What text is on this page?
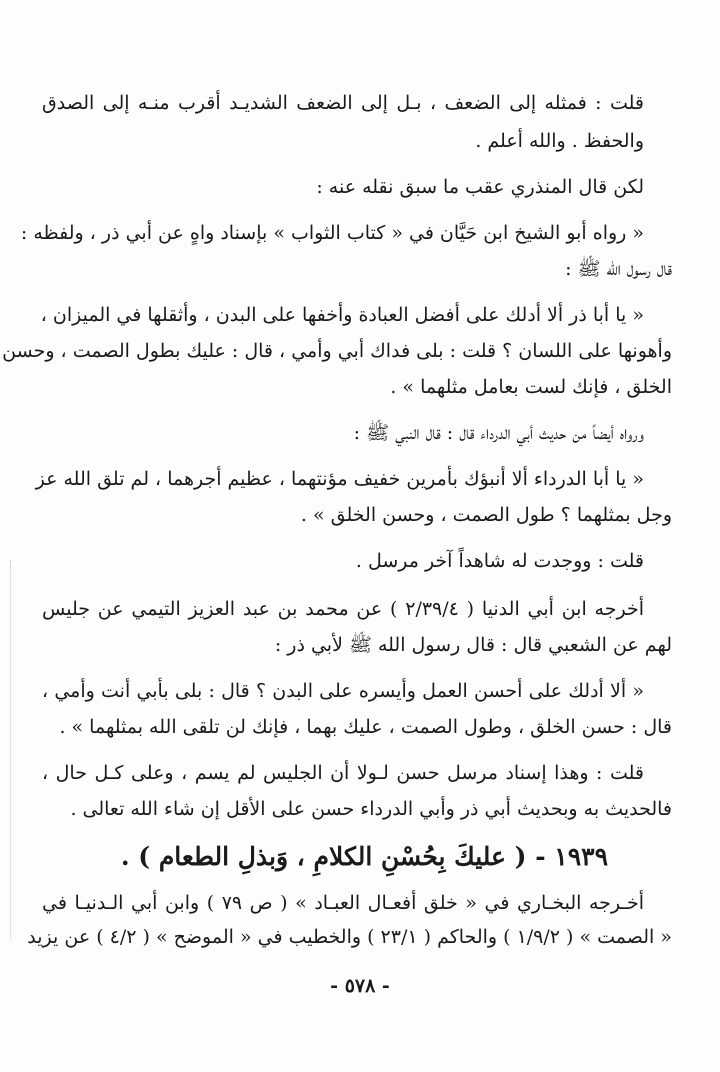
قلت : فمثله إلى الضعف ، بـل إلى الضعف الشديـد أقرب منـه إلى الصدق
والحفظ . والله أعلم .
لكن قال المنذري عقب ما سبق نقله عنه :
« رواه أبو الشيخ ابن حَيَّان في « كتاب الثواب » بإسناد واهٍ عن أبي ذر ، ولفظه :
قال رسول الله ﷺ :
« يا أبا ذر ألا أدلك على أفضل العبادة وأخفها على البدن ، وأثقلها في الميزان ،
وأهونها على اللسان ؟ قلت : بلى فداك أبي وأمي ، قال : عليك بطول الصمت ، وحسن
الخلق ، فإنك لست بعامل مثلهما » .
ورواه أيضاً من حديث أبي الدرداء قال : قال النبي ﷺ :
« يا أبا الدرداء ألا أنبؤك بأمرين خفيف مؤنتهما ، عظيم أجرهما ، لم تلق الله عز
وجل بمثلهما ؟ طول الصمت ، وحسن الخلق » .
قلت : ووجدت له شاهداً آخر مرسل .
أخرجه ابن أبي الدنيا ( ٢/٣٩/٤ ) عن محمد بن عبد العزيز التيمي عن جليس
لهم عن الشعبي قال : قال رسول الله ﷺ لأبي ذر :
« ألا أدلك على أحسن العمل وأيسره على البدن ؟ قال : بلى بأبي أنت وأمي ،
قال : حسن الخلق ، وطول الصمت ، عليك بهما ، فإنك لن تلقى الله بمثلهما » .
قلت : وهذا إسناد مرسل حسن لـولا أن الجليس لم يسم ، وعلى كـل حال ،
فالحديث به وبحديث أبي ذر وأبي الدرداء حسن على الأقل إن شاء الله تعالى .
١٩٣٩ - ( عليكَ بِحُسْنِ الكلامِ ، وَبذلِ الطعام ) .
أخـرجه البخـاري في « خلق أفعـال العبـاد » ( ص ٧٩ ) وابن أبي الـدنيـا في
« الصمت » ( ١/٩/٢ ) والحاكم ( ٢٣/١ ) والخطيب في « الموضح » ( ٤/٢ ) عن يزيد
- ٥٧٨ -
